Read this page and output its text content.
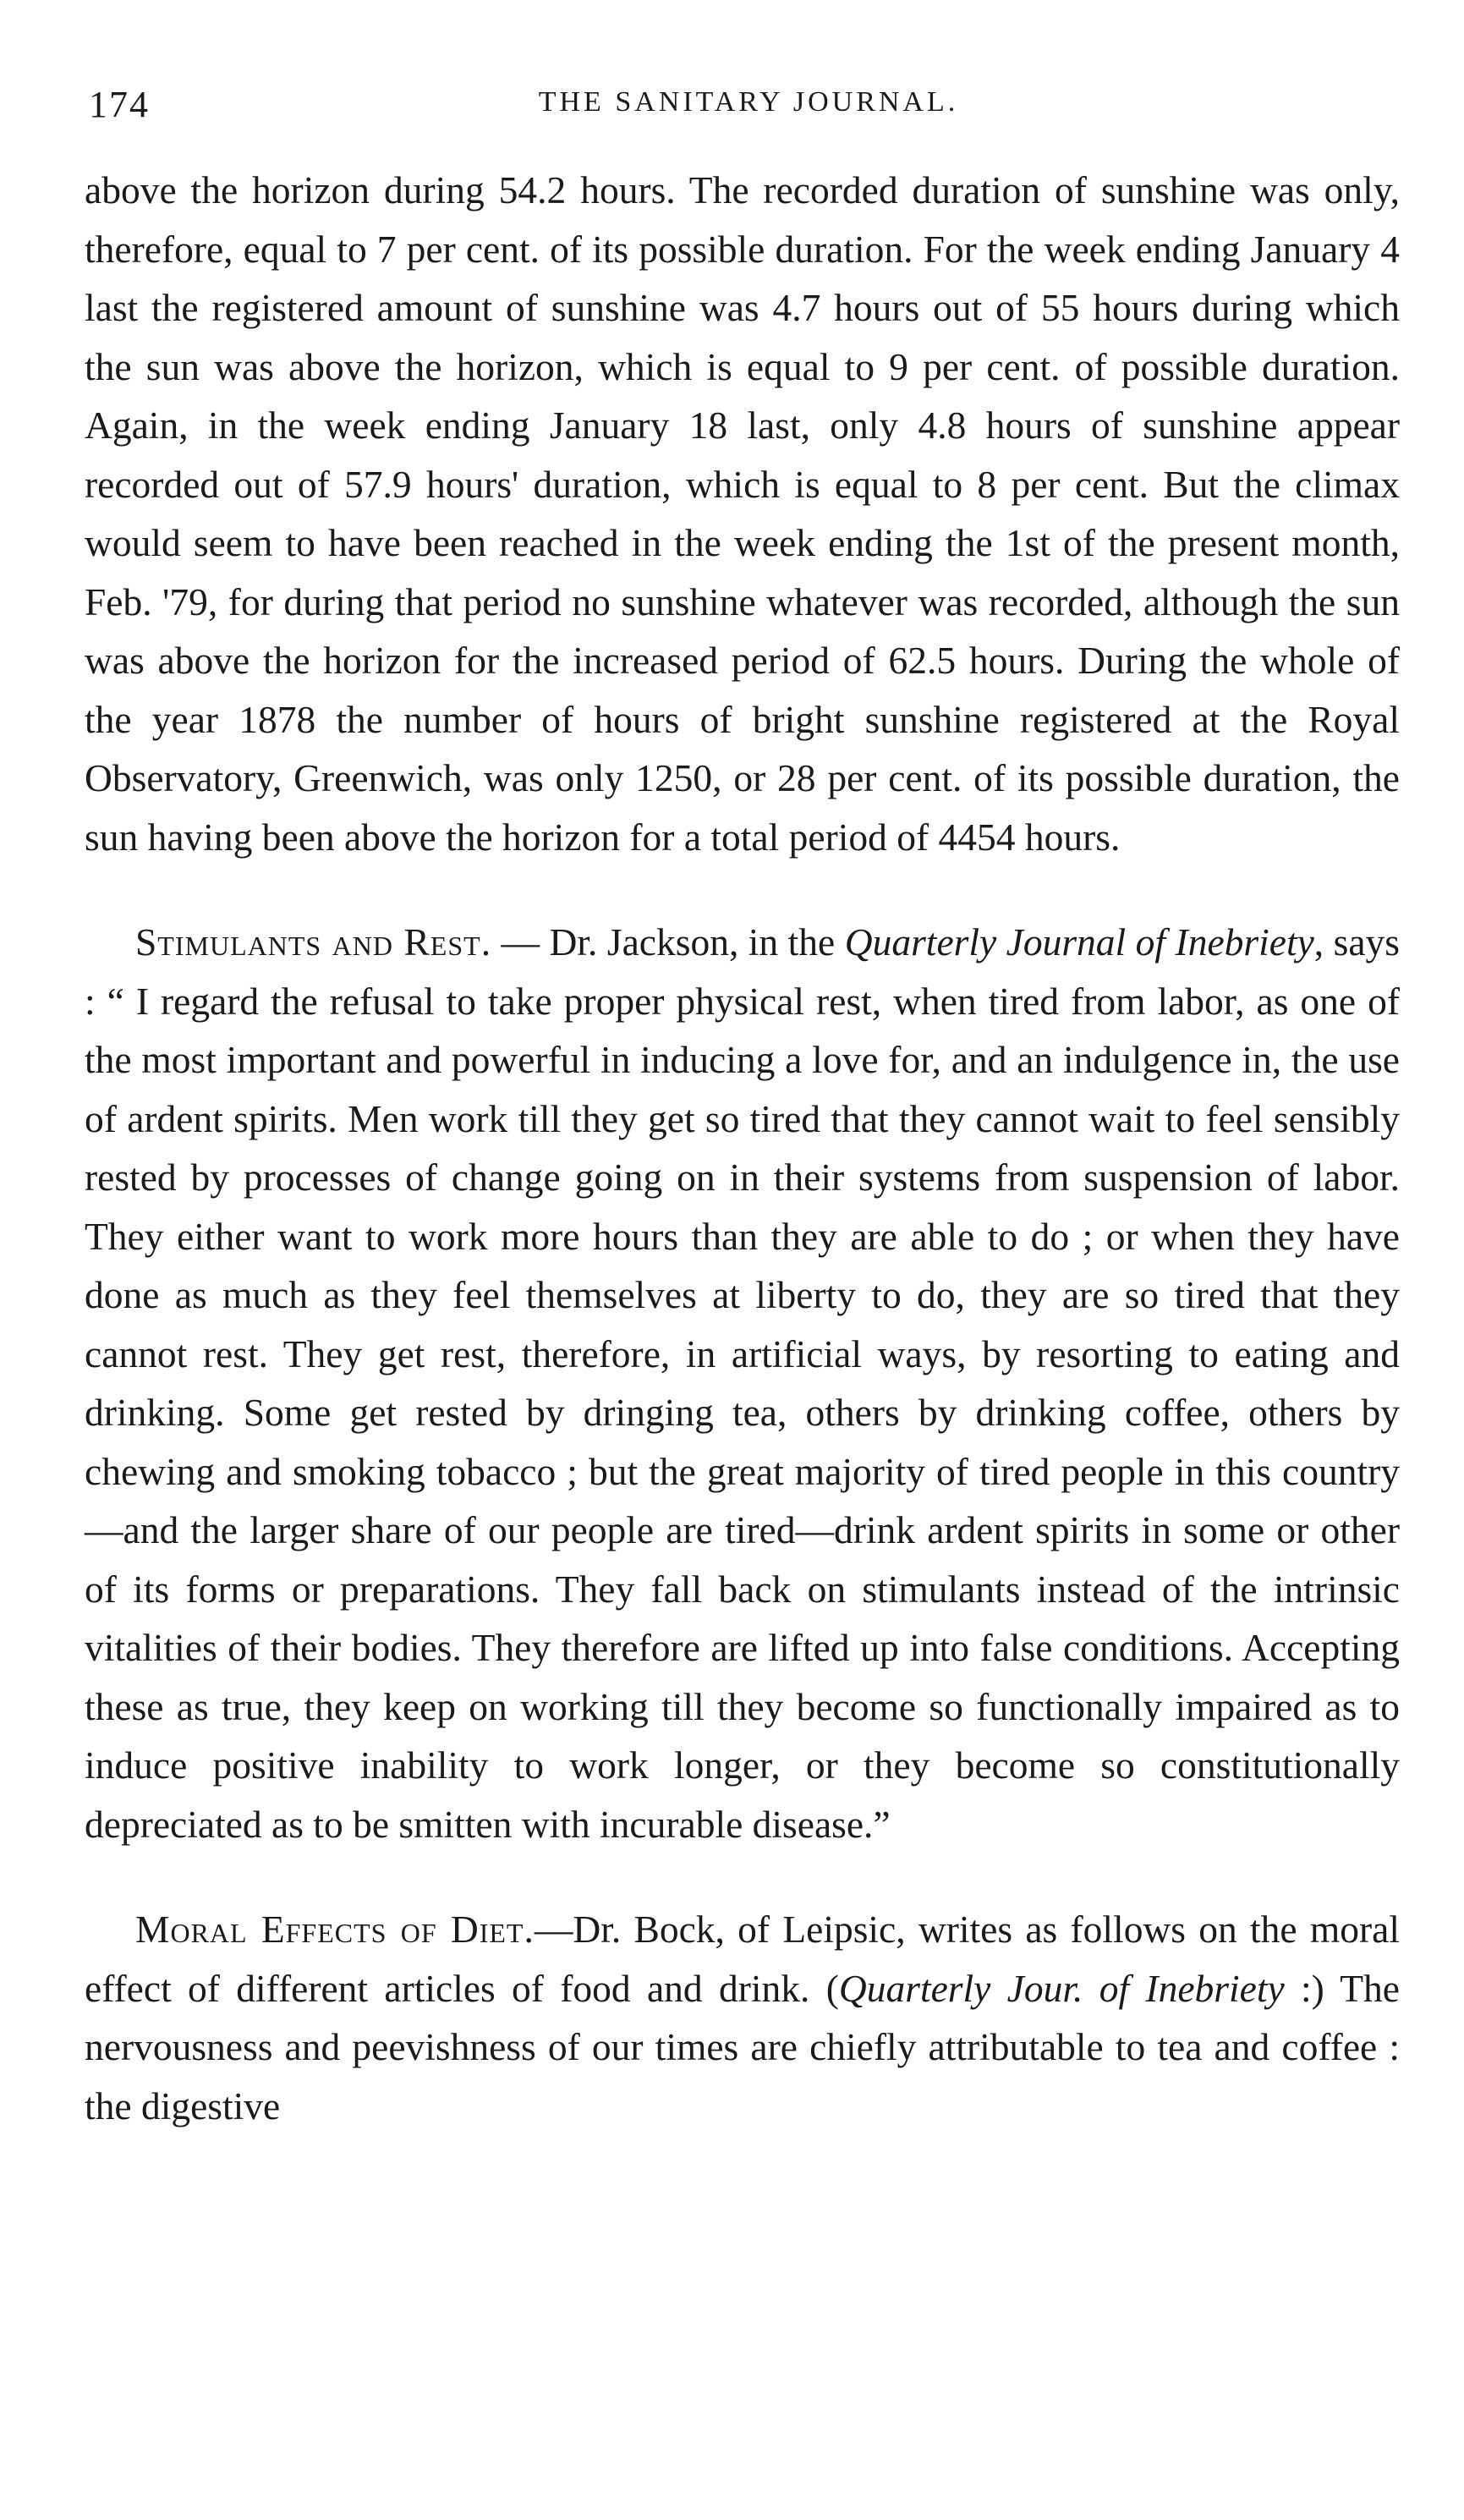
174	THE SANITARY JOURNAL.

above the horizon during 54.2 hours. The recorded duration of sunshine was only, therefore, equal to 7 per cent. of its possible duration. For the week ending January 4 last the registered amount of sunshine was 4.7 hours out of 55 hours during which the sun was above the horizon, which is equal to 9 per cent. of possible duration. Again, in the week ending January 18 last, only 4.8 hours of sunshine appear recorded out of 57.9 hours' duration, which is equal to 8 per cent. But the climax would seem to have been reached in the week ending the 1st of the present month, Feb. '79, for during that period no sunshine whatever was recorded, although the sun was above the horizon for the increased period of 62.5 hours. During the whole of the year 1878 the number of hours of bright sunshine registered at the Royal Observatory, Greenwich, was only 1250, or 28 per cent. of its possible duration, the sun having been above the horizon for a total period of 4454 hours.

Stimulants and Rest. — Dr. Jackson, in the Quarterly Journal of Inebriety, says : “ I regard the refusal to take proper physical rest, when tired from labor, as one of the most important and powerful in inducing a love for, and an indulgence in, the use of ardent spirits. Men work till they get so tired that they cannot wait to feel sensibly rested by processes of change going on in their systems from suspension of labor. They either want to work more hours than they are able to do ; or when they have done as much as they feel themselves at liberty to do, they are so tired that they cannot rest. They get rest, therefore, in artificial ways, by resorting to eating and drinking. Some get rested by dringing tea, others by drinking coffee, others by chewing and smoking tobacco ; but the great majority of tired people in this country—and the larger share of our people are tired—drink ardent spirits in some or other of its forms or preparations. They fall back on stimulants instead of the intrinsic vitalities of their bodies. They therefore are lifted up into false conditions. Accepting these as true, they keep on working till they become so functionally impaired as to induce positive inability to work longer, or they become so constitutionally depreciated as to be smitten with incurable disease.”

Moral Effects of Diet.—Dr. Bock, of Leipsic, writes as follows on the moral effect of different articles of food and drink. (Quarterly Jour. of Inebriety :) The nervousness and peevishness of our times are chiefly attributable to tea and coffee : the digestive
